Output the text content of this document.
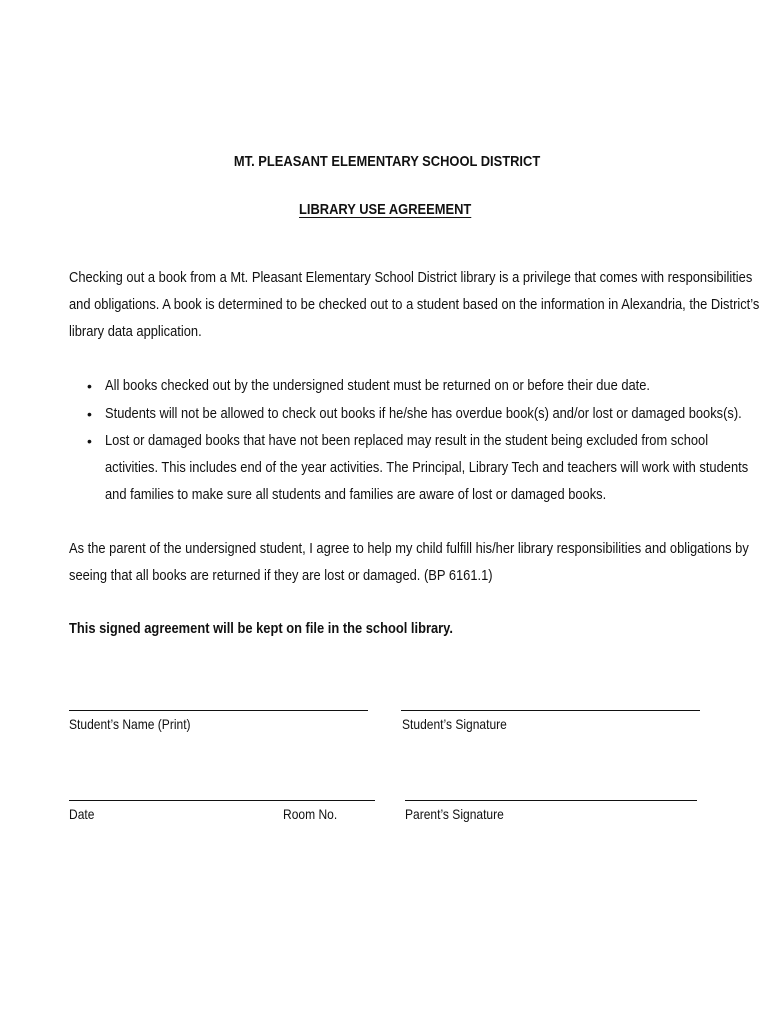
MT. PLEASANT ELEMENTARY SCHOOL DISTRICT
LIBRARY USE AGREEMENT
Checking out a book from a Mt. Pleasant Elementary School District library is a privilege that comes with responsibilities
and obligations. A book is determined to be checked out to a student based on the information in Alexandria, the District’s
library data application.
• All books checked out by the undersigned student must be returned on or before their due date.
• Students will not be allowed to check out books if he/she has overdue book(s) and/or lost or damaged books(s).
• Lost or damaged books that have not been replaced may result in the student being excluded from school
activities. This includes end of the year activities. The Principal, Library Tech and teachers will work with students
and families to make sure all students and families are aware of lost or damaged books.
As the parent of the undersigned student, I agree to help my child fulfill his/her library responsibilities and obligations by
seeing that all books are returned if they are lost or damaged. (BP 6161.1)
This signed agreement will be kept on file in the school library.
Student’s Name (Print)	Student’s Signature
Date	Room No.	Parent’s Signature
